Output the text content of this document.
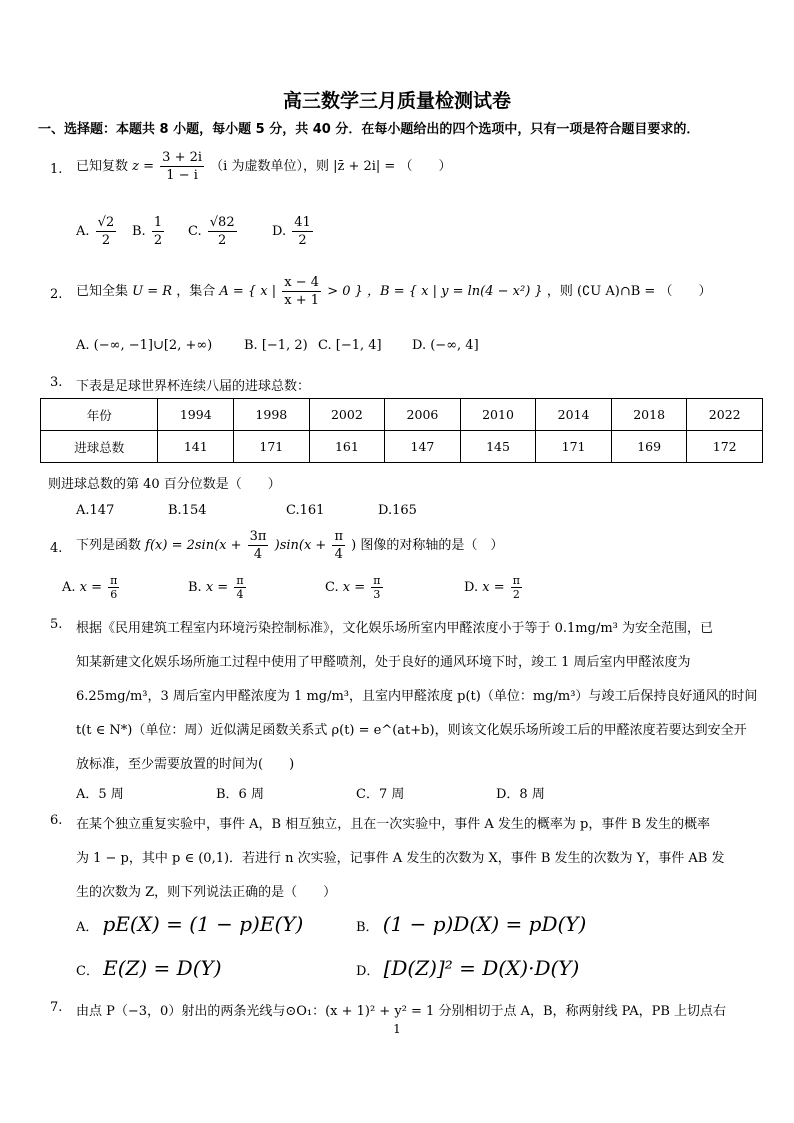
高三数学三月质量检测试卷
一、选择题：本题共 8 小题，每小题 5 分，共 40 分．在每小题给出的四个选项中，只有一项是符合题目要求的．
1. 已知复数 $z = \frac{3 + 2i}{1 - i} (i$ 为虚数单位），则 |z̄ + 2i| = （　　）
A. $\frac{√2}{2} B$. $\frac{1}{2} C$. $\frac{√82}{2}$	D. $\frac{41}{2}$
2. 已知全集 U = R ，集合 A = { x | $\frac{x - 4}{x + 1} > 0$ } ，B = { x | y = ln(4 − x²) } ，则 (∁U A)∩B = （　　）
A. (−∞, −1]∪[2, +∞) B. [−1, 2) C. [−1, 4] D. (−∞, 4]
3. 下表是足球世界杯连续八届的进球总数：
年份	1994	1998	2002	2006	2010	2014	2018	2022
进球总数	141	171	161	147	145	171	169	172
则进球总数的第 40 百分位数是（　　）
A.147	B.154	C.161	D.165
4. 下列是函数 $f(x) = 2\sin(x + \frac{3\pi}{4} )\sin(x + \frac{\pi}{4}$ ) 图像的对称轴的是（　）
A. $x = \frac{\pi}{6}$	B. $x = \frac{\pi}{4}$	C. $x = \frac{\pi}{3}$	D. $x = \frac{\pi}{2}$
5. 根据《民用建筑工程室内环境污染控制标准》，文化娱乐场所室内甲醛浓度小于等于 0.1mg/m³ 为安全范围，已
知某新建文化娱乐场所施工过程中使用了甲醛喷剂，处于良好的通风环境下时，竣工 1 周后室内甲醛浓度为
6.25mg/m³，3 周后室内甲醛浓度为 1 mg/m³，且室内甲醛浓度 p(t)（单位：mg/m³）与竣工后保持良好通风的时间
t(t ∈ N*)（单位：周）近似满足函数关系式 ρ(t) = e^(at+b)，则该文化娱乐场所竣工后的甲醛浓度若要达到安全开
放标准，至少需要放置的时间为(　　)
A．5 周	B．6 周	C．7 周	D．8 周
6. 在某个独立重复实验中，事件 A，B 相互独立，且在一次实验中，事件 A 发生的概率为 p，事件 B 发生的概率
为 1 − p，其中 p ∈ (0,1)．若进行 n 次实验，记事件 A 发生的次数为 X，事件 B 发生的次数为 Y，事件 AB 发
生的次数为 Z，则下列说法正确的是（　　）
A． pE(X) = (1 − p)E(Y)	B． (1 − p)D(X) = pD(Y)
C． E(Z) = D(Y)	D． [D(Z)]² = D(X)·D(Y)
7. 由点 P（−3，0）射出的两条光线与⊙O₁：(x + 1)² + y² = 1 分别相切于点 A，B，称两射线 PA，PB 上切点右
1
